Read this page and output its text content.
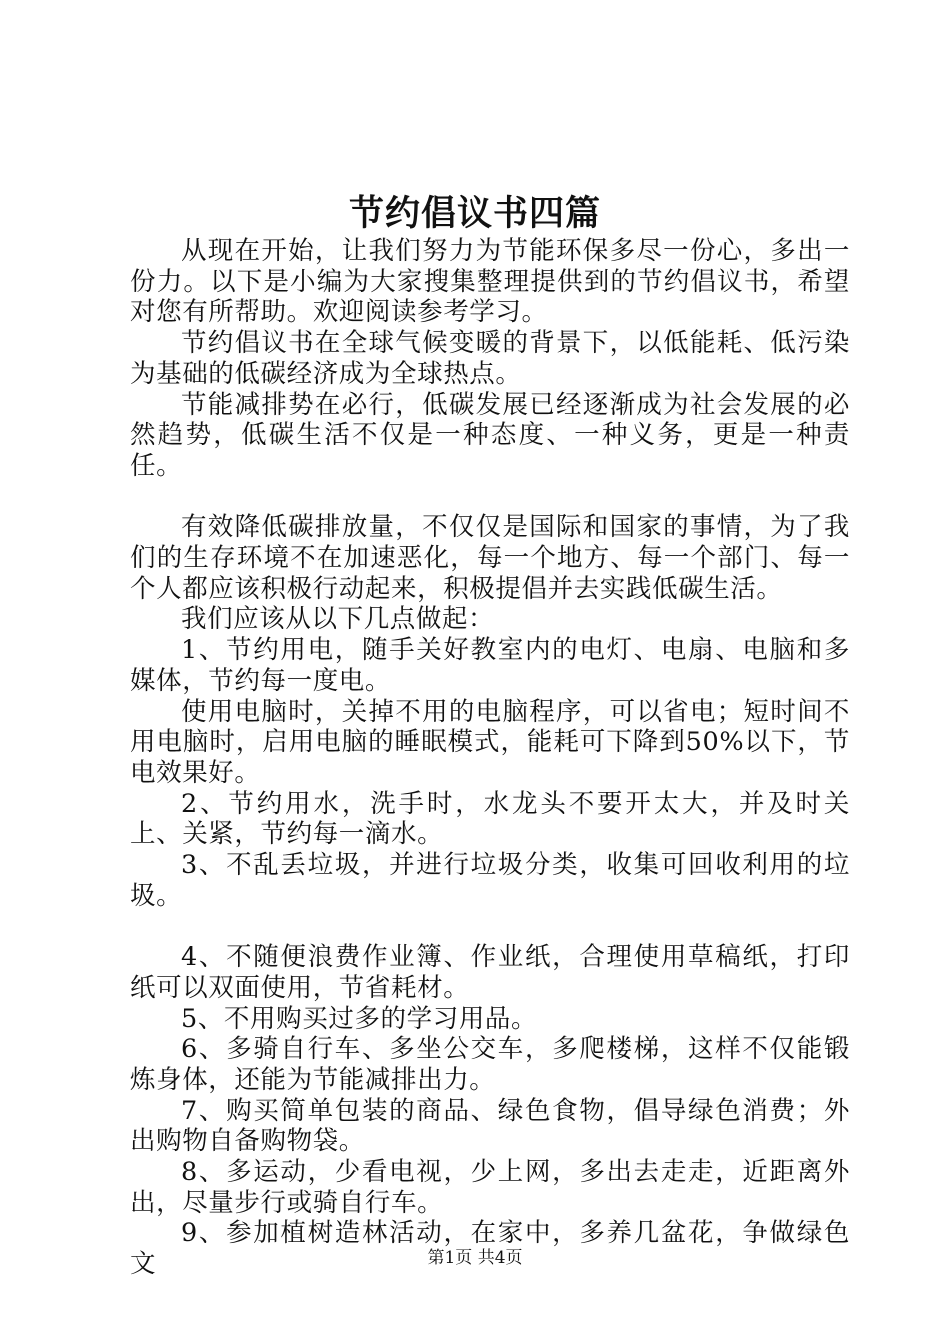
节约倡议书四篇

从现在开始，让我们努力为节能环保多尽一份心，多出一份力。以下是小编为大家搜集整理提供到的节约倡议书，希望对您有所帮助。欢迎阅读参考学习。

节约倡议书在全球气候变暖的背景下，以低能耗、低污染为基础的低碳经济成为全球热点。

节能减排势在必行，低碳发展已经逐渐成为社会发展的必然趋势，低碳生活不仅是一种态度、一种义务，更是一种责任。

有效降低碳排放量，不仅仅是国际和国家的事情，为了我们的生存环境不在加速恶化，每一个地方、每一个部门、每一个人都应该积极行动起来，积极提倡并去实践低碳生活。

我们应该从以下几点做起：

1、节约用电，随手关好教室内的电灯、电扇、电脑和多媒体，节约每一度电。

使用电脑时，关掉不用的电脑程序，可以省电；短时间不用电脑时，启用电脑的睡眠模式，能耗可下降到50%以下，节电效果好。

2、节约用水，洗手时，水龙头不要开太大，并及时关上、关紧，节约每一滴水。

3、不乱丢垃圾，并进行垃圾分类，收集可回收利用的垃圾。

4、不随便浪费作业簿、作业纸，合理使用草稿纸，打印纸可以双面使用，节省耗材。

5、不用购买过多的学习用品。

6、多骑自行车、多坐公交车，多爬楼梯，这样不仅能锻炼身体，还能为节能减排出力。

7、购买简单包装的商品、绿色食物，倡导绿色消费；外出购物自备购物袋。

8、多运动，少看电视，少上网，多出去走走，近距离外出，尽量步行或骑自行车。

9、参加植树造林活动，在家中，多养几盆花，争做绿色文	第1页 共4页
